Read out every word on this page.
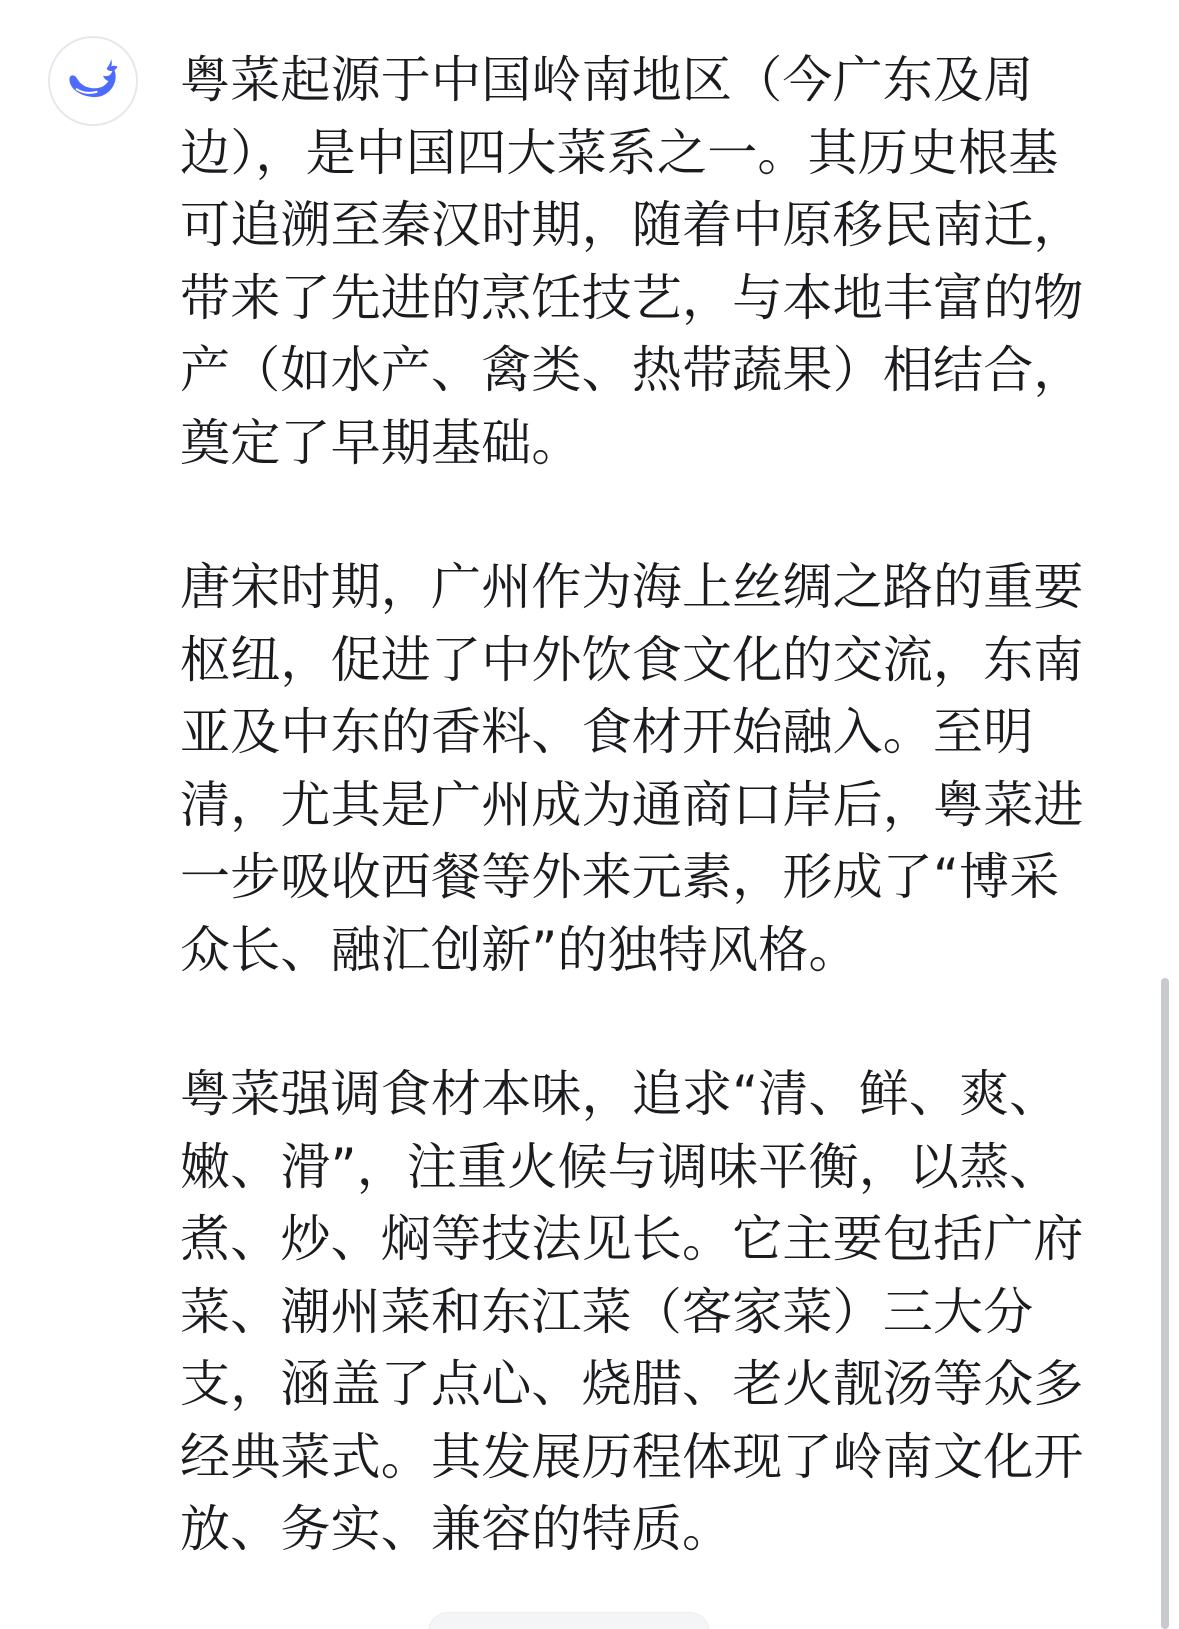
粤菜起源于中国岭南地区（今广东及周边），是中国四大菜系之一。其历史根基可追溯至秦汉时期，随着中原移民南迁，带来了先进的烹饪技艺，与本地丰富的物产（如水产、禽类、热带蔬果）相结合，奠定了早期基础。

唐宋时期，广州作为海上丝绸之路的重要枢纽，促进了中外饮食文化的交流，东南亚及中东的香料、食材开始融入。至明清，尤其是广州成为通商口岸后，粤菜进一步吸收西餐等外来元素，形成了“博采众长、融汇创新”的独特风格。

粤菜强调食材本味，追求“清、鲜、爽、嫩、滑”，注重火候与调味平衡，以蒸、煮、炒、焖等技法见长。它主要包括广府菜、潮州菜和东江菜（客家菜）三大分支，涵盖了点心、烧腊、老火靓汤等众多经典菜式。其发展历程体现了岭南文化开放、务实、兼容的特质。
